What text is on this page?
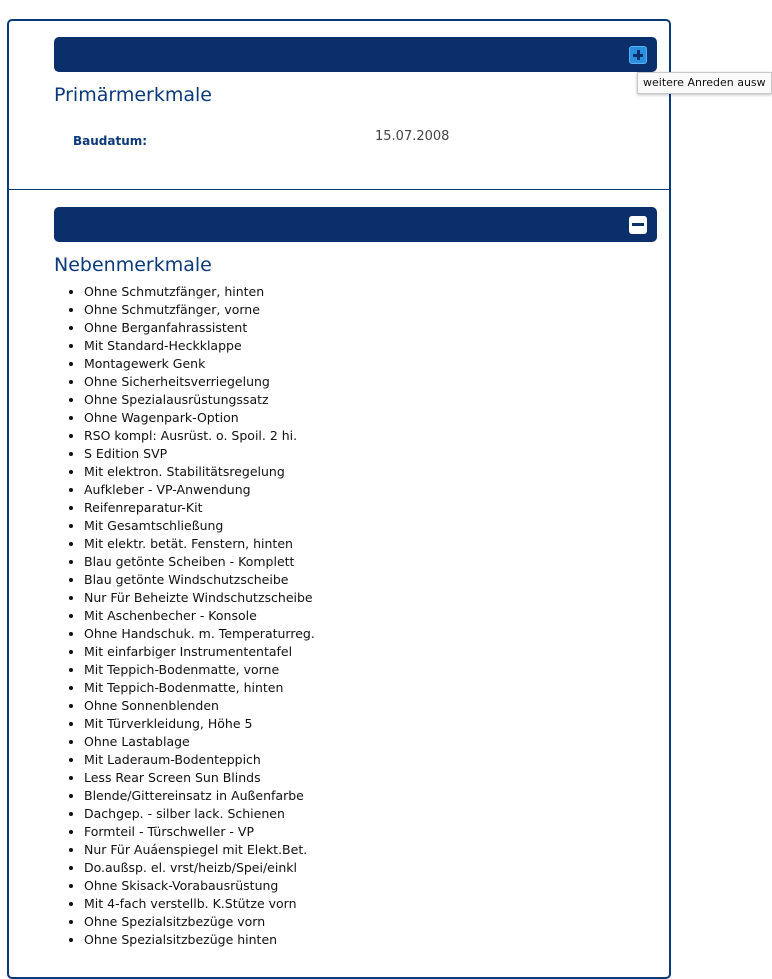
Primärmerkmale
Baudatum:	15.07.2008
Nebenmerkmale
• Ohne Schmutzfänger, hinten
• Ohne Schmutzfänger, vorne
• Ohne Berganfahrassistent
• Mit Standard-Heckklappe
• Montagewerk Genk
• Ohne Sicherheitsverriegelung
• Ohne Spezialausrüstungssatz
• Ohne Wagenpark-Option
• RSO kompl: Ausrüst. o. Spoil. 2 hi.
• S Edition SVP
• Mit elektron. Stabilitätsregelung
• Aufkleber - VP-Anwendung
• Reifenreparatur-Kit
• Mit Gesamtschließung
• Mit elektr. betät. Fenstern, hinten
• Blau getönte Scheiben - Komplett
• Blau getönte Windschutzscheibe
• Nur Für Beheizte Windschutzscheibe
• Mit Aschenbecher - Konsole
• Ohne Handschuk. m. Temperaturreg.
• Mit einfarbiger Instrumententafel
• Mit Teppich-Bodenmatte, vorne
• Mit Teppich-Bodenmatte, hinten
• Ohne Sonnenblenden
• Mit Türverkleidung, Höhe 5
• Ohne Lastablage
• Mit Laderaum-Bodenteppich
• Less Rear Screen Sun Blinds
• Blende/Gittereinsatz in Außenfarbe
• Dachgep. - silber lack. Schienen
• Formteil - Türschweller - VP
• Nur Für Auáenspiegel mit Elekt.Bet.
• Do.außsp. el. vrst/heizb/Spei/einkl
• Ohne Skisack-Vorabausrüstung
• Mit 4-fach verstellb. K.Stütze vorn
• Ohne Spezialsitzbezüge vorn
• Ohne Spezialsitzbezüge hinten
weitere Anreden ausw
